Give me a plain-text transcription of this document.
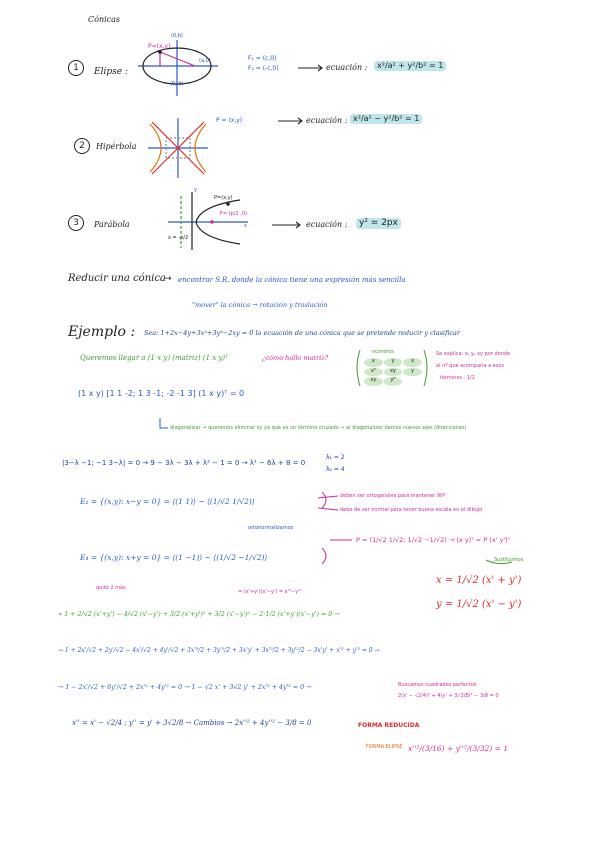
Cónicas
1	Elipse :
P=(x,y)
(0,b)
(a,0)
(0,-b)
F₁ = (c,0)
F₂ = (-c,0)	ecuación :	x²/a² + y²/b² = 1
2	Hipérbola
P = (x,y)	ecuación : x²/a² − y²/b² = 1
3	Parábola
y
x
P=(x,y)
F= (p/2 ,0)
x = -p/2
ecuación :	y² = 2px
Reducir una cónica
→ encontrar S.R. donde la cónica tiene una expresión más sencilla
"mover" la cónica → rotación y traslación
Ejemplo : Sea: 1+2x−4y+3x²+3y²−2xy = 0 la ecuación de una cónica que se pretende reducir y clasificar
Queremos llegar a (1 x y) (matriz) (1 x y)ᵀ	¿cómo hallo matriz?
números
x	y	x
x²	xy	y
xy	y²
Se explica: x, y, xy por donde
el nº que acompaña a esos
términos · 1/2
(1 x y) [1 1 -2; 1 3 -1; -2 -1 3] (1 x y)ᵀ = 0
diagonalizar → queremos eliminar xy ya que es un término cruzado → al diagonalizar damos nuevos ejes (direcciones)
|3−λ −1; −1 3−λ| = 0 → 9 − 3λ − 3λ + λ² − 1 = 0 → λ² − 6λ + 8 = 0
λ₁ = 2
λ₂ = 4
E₂ = {(x,y): x−y = 0} = ⟨(1 1)⟩ ~ ⟨(1/√2 1/√2)⟩
ortonormalizamos
deben ser ortogonales para mantener 90º
debe de ser normal para tener buena escala en el dibujo
E₄ = {(x,y): x+y = 0} = ⟨(1 −1)⟩ ~ ⟨(1/√2 −1/√2)⟩
P = (1/√2 1/√2; 1/√2 −1/√2) → (x y)ᵀ = P (x' y')ᵀ
Sustituimos
x = 1/√2 (x' + y')
y = 1/√2 (x' − y')
= (x'+y')(x'−y') = x'²−y'²
quito 2 más
∗ 1 + 2/√2 (x'+y') − 4/√2 (x'−y') + 3/2 (x'+y')² + 3/2 (x'−y')² − 2·1/2 (x'+y')(x'−y') = 0 →
→ 1 + 2x'/√2 + 2y'/√2 − 4x'/√2 + 4y'/√2 + 3x'²/2 + 3y'²/2 + 3x'y' + 3x'²/2 + 3y'²/2 − 3x'y' + x'² + y'² = 0 →
→ 1 − 2x'/√2 + 6y'/√2 + 2x'² + 4y'² = 0 → 1 − √2 x' + 3√2 y' + 2x'² + 4y'² = 0 →	Buscamos cuadrados perfectos
2(x' − √2/4)² + 4(y' + 3√2/8)² − 3/8 = 0
x'' = x' − √2/4 ; y'' = y' + 3√2/8 → Cambios → 2x''² + 4y''² − 3/8 = 0	FORMA REDUCIDA
FORMA ELIPSE x''²/(3/16) + y''²/(3/32) = 1
